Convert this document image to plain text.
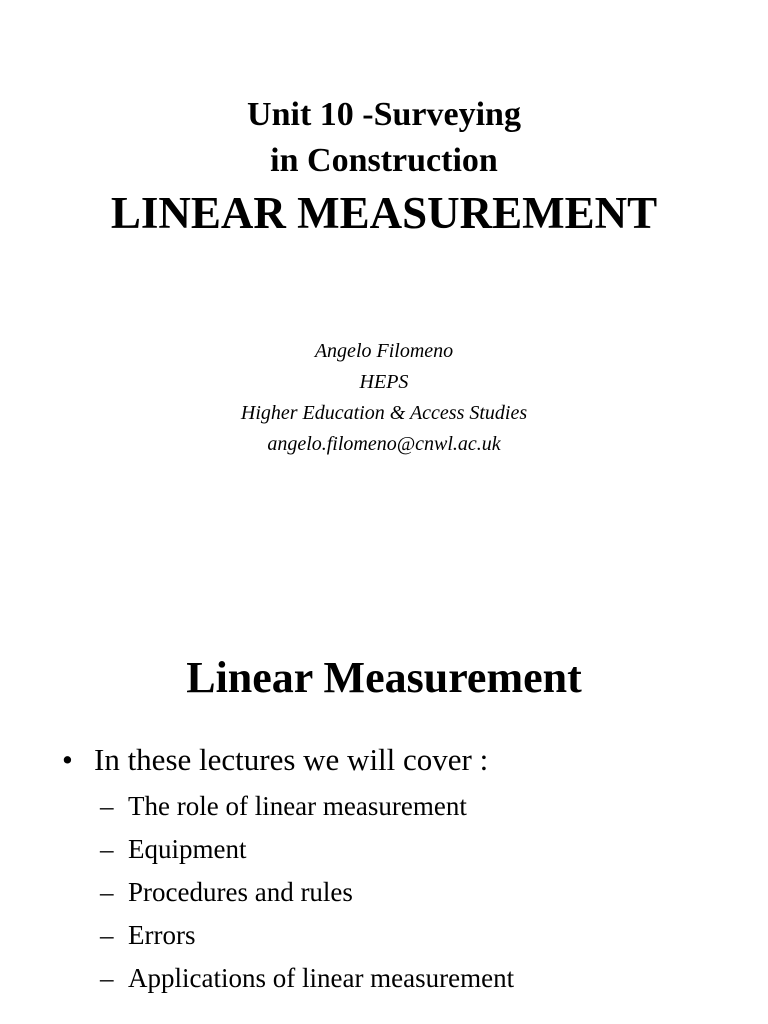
Unit 10 -Surveying
in Construction
LINEAR MEASUREMENT
Angelo Filomeno
HEPS
Higher Education & Access Studies
angelo.filomeno@cnwl.ac.uk
Linear Measurement
• In these lectures we will cover :
– The role of linear measurement
– Equipment
– Procedures and rules
– Errors
– Applications of linear measurement
